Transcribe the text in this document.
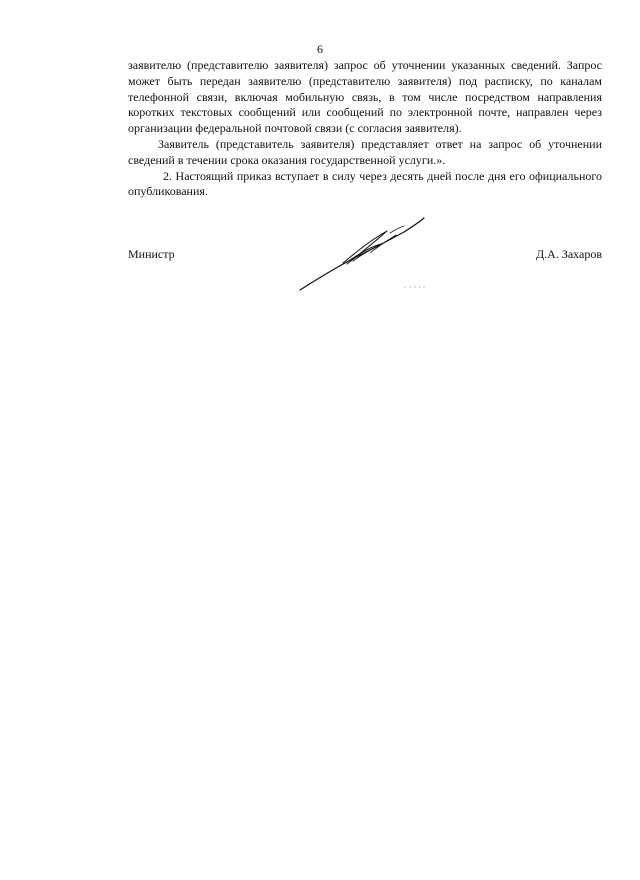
6

заявителю (представителю заявителя) запрос об уточнении указанных сведений. Запрос может быть передан заявителю (представителю заявителя) под расписку, по каналам телефонной связи, включая мобильную связь, в том числе посредством направления коротких текстовых сообщений или сообщений по электронной почте, направлен через организации федеральной почтовой связи (с согласия заявителя).

Заявитель (представитель заявителя) представляет ответ на запрос об уточнении сведений в течении срока оказания государственной услуги.».

2. Настоящий приказ вступает в силу через десять дней после дня его официального опубликования.

Министр	Д.А. Захаров
